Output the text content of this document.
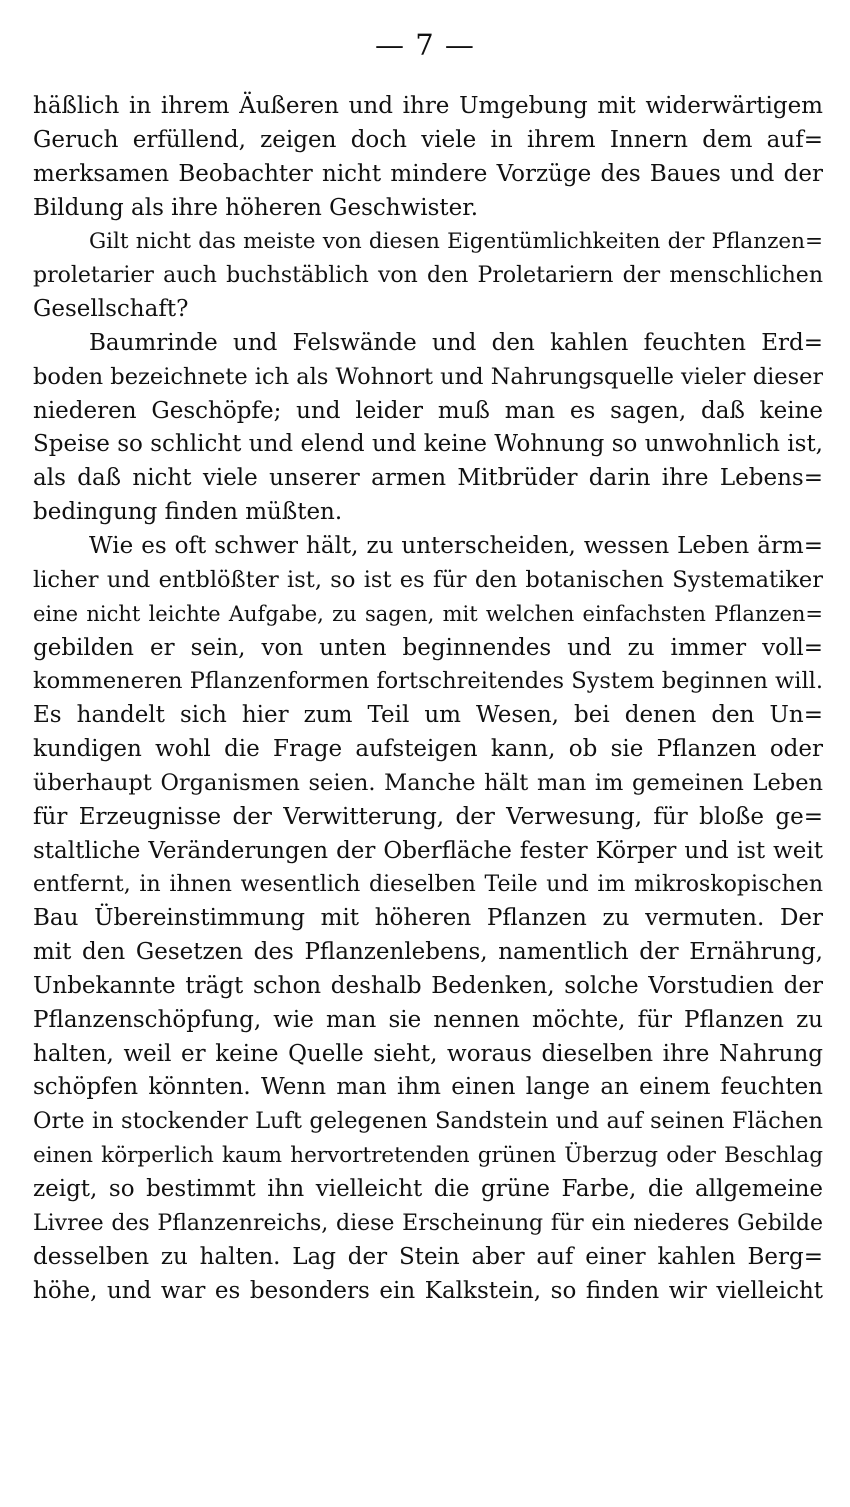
— 7 —
häßlich in ihrem Äußeren und ihre Umgebung mit widerwärtigem
Geruch erfüllend, zeigen doch viele in ihrem Innern dem auf=
merksamen Beobachter nicht mindere Vorzüge des Baues und der
Bildung als ihre höheren Geschwister.
Gilt nicht das meiste von diesen Eigentümlichkeiten der Pflanzen=
proletarier auch buchstäblich von den Proletariern der menschlichen
Gesellschaft?
Baumrinde und Felswände und den kahlen feuchten Erd=
boden bezeichnete ich als Wohnort und Nahrungsquelle vieler dieser
niederen Geschöpfe; und leider muß man es sagen, daß keine
Speise so schlicht und elend und keine Wohnung so unwohnlich ist,
als daß nicht viele unserer armen Mitbrüder darin ihre Lebens=
bedingung finden müßten.
Wie es oft schwer hält, zu unterscheiden, wessen Leben ärm=
licher und entblößter ist, so ist es für den botanischen Systematiker
eine nicht leichte Aufgabe, zu sagen, mit welchen einfachsten Pflanzen=
gebilden er sein, von unten beginnendes und zu immer voll=
kommeneren Pflanzenformen fortschreitendes System beginnen will.
Es handelt sich hier zum Teil um Wesen, bei denen den Un=
kundigen wohl die Frage aufsteigen kann, ob sie Pflanzen oder
überhaupt Organismen seien. Manche hält man im gemeinen Leben
für Erzeugnisse der Verwitterung, der Verwesung, für bloße ge=
staltliche Veränderungen der Oberfläche fester Körper und ist weit
entfernt, in ihnen wesentlich dieselben Teile und im mikroskopischen
Bau Übereinstimmung mit höheren Pflanzen zu vermuten. Der
mit den Gesetzen des Pflanzenlebens, namentlich der Ernährung,
Unbekannte trägt schon deshalb Bedenken, solche Vorstudien der
Pflanzenschöpfung, wie man sie nennen möchte, für Pflanzen zu
halten, weil er keine Quelle sieht, woraus dieselben ihre Nahrung
schöpfen könnten. Wenn man ihm einen lange an einem feuchten
Orte in stockender Luft gelegenen Sandstein und auf seinen Flächen
einen körperlich kaum hervortretenden grünen Überzug oder Beschlag
zeigt, so bestimmt ihn vielleicht die grüne Farbe, die allgemeine
Livree des Pflanzenreichs, diese Erscheinung für ein niederes Gebilde
desselben zu halten. Lag der Stein aber auf einer kahlen Berg=
höhe, und war es besonders ein Kalkstein, so finden wir vielleicht
